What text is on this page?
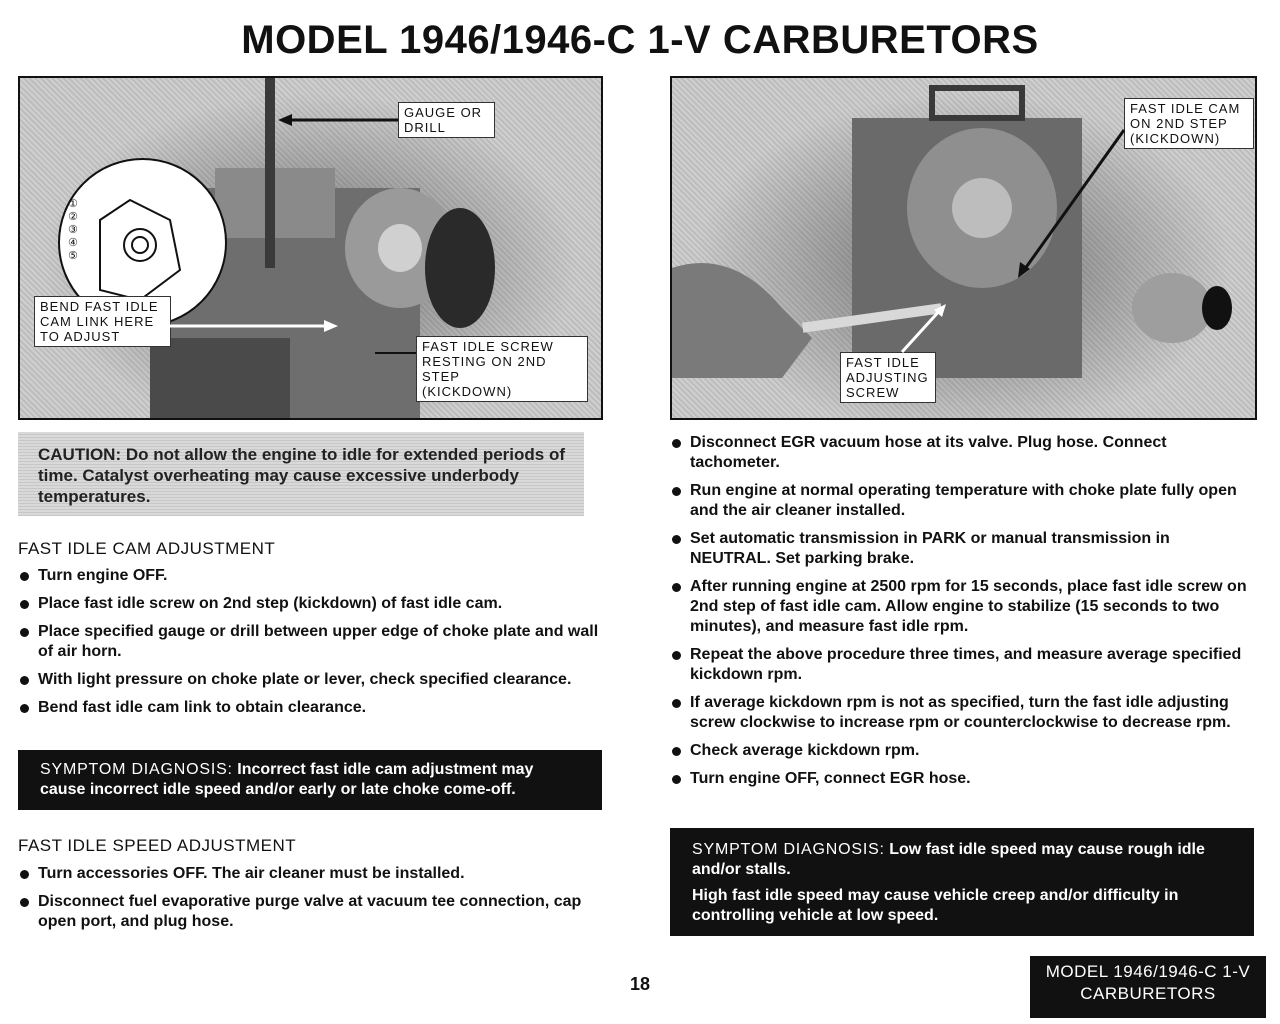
MODEL 1946/1946-C 1-V CARBURETORS
①
②
③
④
⑤
GAUGE OR
DRILL
BEND FAST IDLE
CAM LINK HERE
TO ADJUST
FAST IDLE SCREW
RESTING ON 2ND STEP
(KICKDOWN)
FAST IDLE CAM
ON 2ND STEP
(KICKDOWN)
FAST IDLE
ADJUSTING
SCREW
CAUTION: Do not allow the engine to idle for extended periods of time. Catalyst overheating may cause excessive underbody temperatures.
FAST IDLE CAM ADJUSTMENT
Turn engine OFF.
Place fast idle screw on 2nd step (kickdown) of fast idle cam.
Place specified gauge or drill between upper edge of choke plate and wall of air horn.
With light pressure on choke plate or lever, check specified clearance.
Bend fast idle cam link to obtain clearance.
SYMPTOM DIAGNOSIS: Incorrect fast idle cam adjustment may cause incorrect idle speed and/or early or late choke come-off.
FAST IDLE SPEED ADJUSTMENT
Turn accessories OFF. The air cleaner must be installed.
Disconnect fuel evaporative purge valve at vacuum tee connection, cap open port, and plug hose.
Disconnect EGR vacuum hose at its valve. Plug hose. Connect tachometer.
Run engine at normal operating temperature with choke plate fully open and the air cleaner installed.
Set automatic transmission in PARK or manual transmission in NEUTRAL. Set parking brake.
After running engine at 2500 rpm for 15 seconds, place fast idle screw on 2nd step of fast idle cam. Allow engine to stabilize (15 seconds to two minutes), and measure fast idle rpm.
Repeat the above procedure three times, and measure average specified kickdown rpm.
If average kickdown rpm is not as specified, turn the fast idle adjusting screw clockwise to increase rpm or counterclockwise to decrease rpm.
Check average kickdown rpm.
Turn engine OFF, connect EGR hose.
SYMPTOM DIAGNOSIS: Low fast idle speed may cause rough idle and/or stalls.
High fast idle speed may cause vehicle creep and/or difficulty in controlling vehicle at low speed.
18
MODEL 1946/1946-C 1-V
CARBURETORS
